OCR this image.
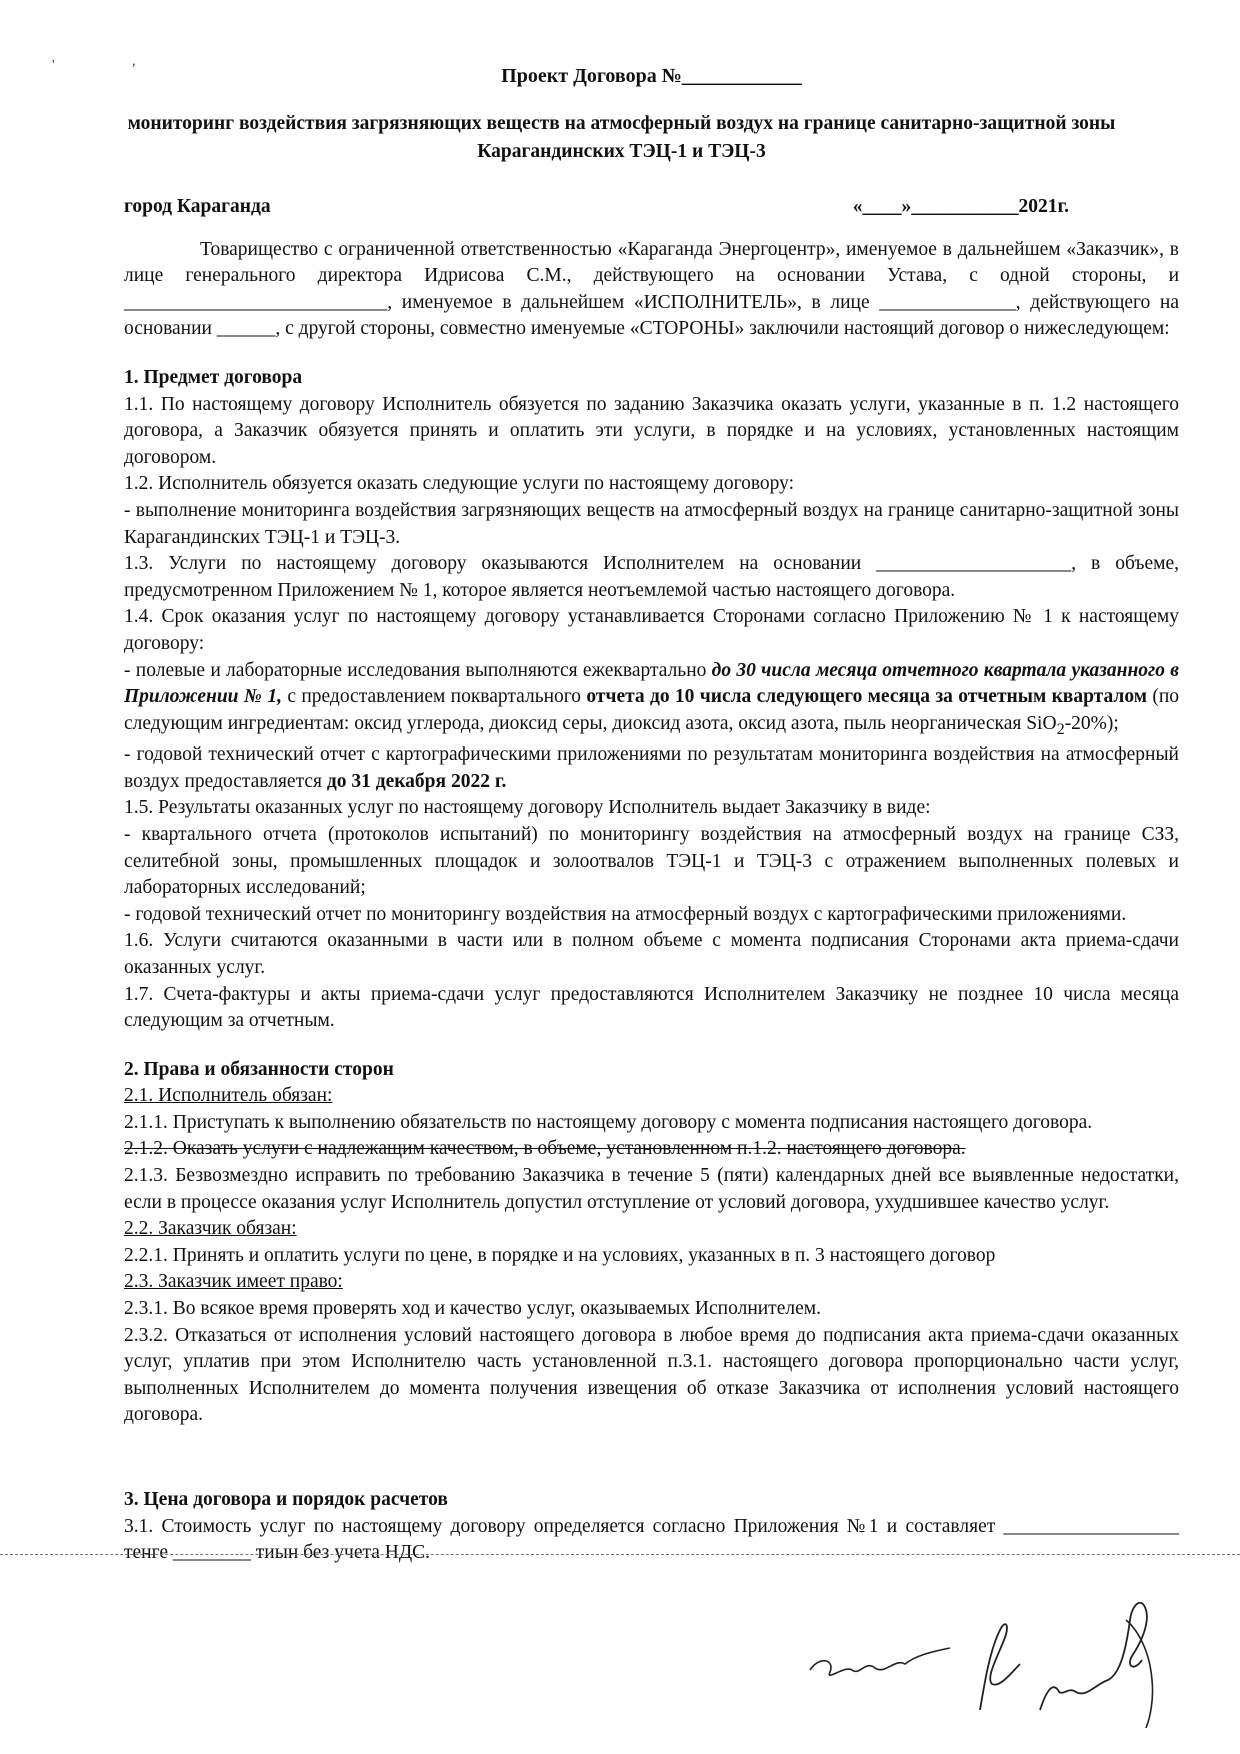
'	,
Проект Договора №____________
мониторинг воздействия загрязняющих веществ на атмосферный воздух на границе санитарно-защитной зоны Карагандинских ТЭЦ-1 и ТЭЦ-3
город Караганда	«____»___________2021г.

Товарищество с ограниченной ответственностью «Караганда Энергоцентр», именуемое в дальнейшем «Заказчик», в лице генерального директора Идрисова С.М., действующего на основании Устава, с одной стороны, и ___________________________, именуемое в дальнейшем «ИСПОЛНИТЕЛЬ», в лице ______________, действующего на основании ______, с другой стороны, совместно именуемые «СТОРОНЫ» заключили настоящий договор о нижеследующем:

1. Предмет договора

1.1. По настоящему договору Исполнитель обязуется по заданию Заказчика оказать услуги, указанные в п. 1.2 настоящего договора, а Заказчик обязуется принять и оплатить эти услуги, в порядке и на условиях, установленных настоящим договором.

1.2. Исполнитель обязуется оказать следующие услуги по настоящему договору:

- выполнение мониторинга воздействия загрязняющих веществ на атмосферный воздух на границе санитарно-защитной зоны Карагандинских ТЭЦ-1 и ТЭЦ-3.

1.3. Услуги по настоящему договору оказываются Исполнителем на основании ____________________, в объеме, предусмотренном Приложением № 1, которое является неотъемлемой частью настоящего договора.

1.4. Срок оказания услуг по настоящему договору устанавливается Сторонами согласно Приложению № 1 к настоящему договору:

- полевые и лабораторные исследования выполняются ежеквартально до 30 числа месяца отчетного квартала указанного в Приложении № 1, с предоставлением поквартального отчета до 10 числа следующего месяца за отчетным кварталом (по следующим ингредиентам: оксид углерода, диоксид серы, диоксид азота, оксид азота, пыль неорганическая SiO$_2$-20%);

- годовой технический отчет с картографическими приложениями по результатам мониторинга воздействия на атмосферный воздух предоставляется до 31 декабря 2022 г.

1.5. Результаты оказанных услуг по настоящему договору Исполнитель выдает Заказчику в виде:

- квартального отчета (протоколов испытаний) по мониторингу воздействия на атмосферный воздух на границе СЗЗ, селитебной зоны, промышленных площадок и золоотвалов ТЭЦ-1 и ТЭЦ-3 с отражением выполненных полевых и лабораторных исследований;

- годовой технический отчет по мониторингу воздействия на атмосферный воздух с картографическими приложениями.

1.6. Услуги считаются оказанными в части или в полном объеме с момента подписания Сторонами акта приема-сдачи оказанных услуг.

1.7. Счета-фактуры и акты приема-сдачи услуг предоставляются Исполнителем Заказчику не позднее 10 числа месяца следующим за отчетным.

2. Права и обязанности сторон

2.1. Исполнитель обязан:

2.1.1. Приступать к выполнению обязательств по настоящему договору с момента подписания настоящего договора.

2.1.2. Оказать услуги с надлежащим качеством, в объеме, установленном п.1.2. настоящего договора.

2.1.3. Безвозмездно исправить по требованию Заказчика в течение 5 (пяти) календарных дней все выявленные недостатки, если в процессе оказания услуг Исполнитель допустил отступление от условий договора, ухудшившее качество услуг.

2.2. Заказчик обязан:

2.2.1. Принять и оплатить услуги по цене, в порядке и на условиях, указанных в п. 3 настоящего договор

2.3. Заказчик имеет право:

2.3.1. Во всякое время проверять ход и качество услуг, оказываемых Исполнителем.

2.3.2. Отказаться от исполнения условий настоящего договора в любое время до подписания акта приема-сдачи оказанных услуг, уплатив при этом Исполнителю часть установленной п.3.1. настоящего договора пропорционально части услуг, выполненных Исполнителем до момента получения извещения об отказе Заказчика от исполнения условий настоящего договора.

3. Цена договора и порядок расчетов

3.1. Стоимость услуг по настоящему договору определяется согласно Приложения №1 и составляет __________________ тенге ________ тиын без учета НДС.
